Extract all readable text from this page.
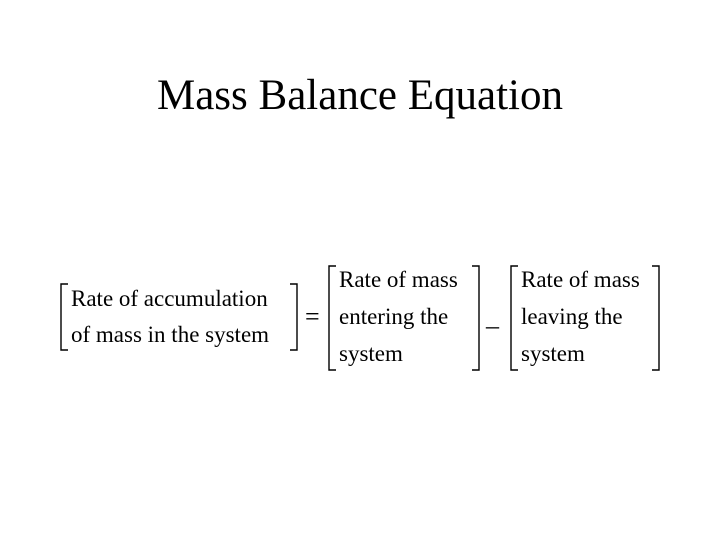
Mass Balance Equation
Rate of accumulation
of mass in the system
=
Rate of mass
entering the
system
_
Rate of mass
leaving the
system
